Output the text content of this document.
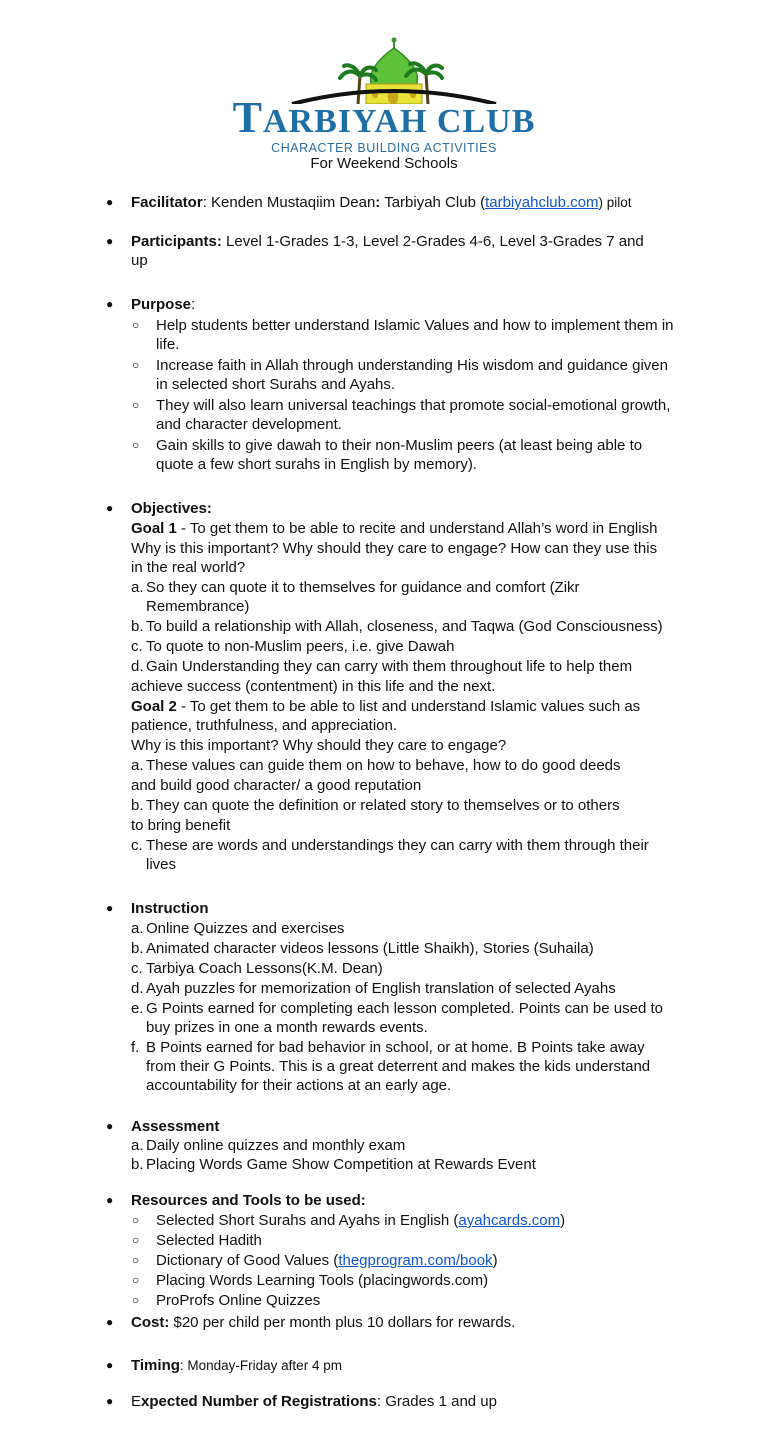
TARBIYAH CLUB
CHARACTER BUILDING ACTIVITIES
For Weekend Schools
● Facilitator: Kenden Mustaqiim Dean: Tarbiyah Club (tarbiyahclub.com) pilot
● Participants: Level 1-Grades 1-3, Level 2-Grades 4-6, Level 3-Grades 7 and up
● Purpose:
○ Help students better understand Islamic Values and how to implement them in life.
○ Increase faith in Allah through understanding His wisdom and guidance given in selected short Surahs and Ayahs.
○ They will also learn universal teachings that promote social-emotional growth, and character development.
○ Gain skills to give dawah to their non-Muslim peers (at least being able to quote a few short surahs in English by memory).
● Objectives:
Goal 1 - To get them to be able to recite and understand Allah’s word in English
Why is this important? Why should they care to engage? How can they use this in the real world?
a. So they can quote it to themselves for guidance and comfort (Zikr Remembrance)
b. To build a relationship with Allah, closeness, and Taqwa (God Consciousness)
c. To quote to non-Muslim peers, i.e. give Dawah
d. Gain Understanding they can carry with them throughout life to help them
achieve success (contentment) in this life and the next.
Goal 2 - To get them to be able to list and understand Islamic values such as patience, truthfulness, and appreciation.
Why is this important? Why should they care to engage?
a. These values can guide them on how to behave, how to do good deeds
and build good character/ a good reputation
b. They can quote the definition or related story to themselves or to others
to bring benefit
c. These are words and understandings they can carry with them through their lives
● Instruction
a. Online Quizzes and exercises
b. Animated character videos lessons (Little Shaikh), Stories (Suhaila)
c. Tarbiya Coach Lessons(K.M. Dean)
d. Ayah puzzles for memorization of English translation of selected Ayahs
e. G Points earned for completing each lesson completed. Points can be used to buy prizes in one a month rewards events.
f. B Points earned for bad behavior in school, or at home. B Points take away from their G Points. This is a great deterrent and makes the kids understand accountability for their actions at an early age.
● Assessment
a. Daily online quizzes and monthly exam
b. Placing Words Game Show Competition at Rewards Event
● Resources and Tools to be used:
○ Selected Short Surahs and Ayahs in English (ayahcards.com)
○ Selected Hadith
○ Dictionary of Good Values (thegprogram.com/book)
○ Placing Words Learning Tools (placingwords.com)
○ ProProfs Online Quizzes
● Cost: $20 per child per month plus 10 dollars for rewards.
● Timing: Monday-Friday after 4 pm
● Expected Number of Registrations: Grades 1 and up
